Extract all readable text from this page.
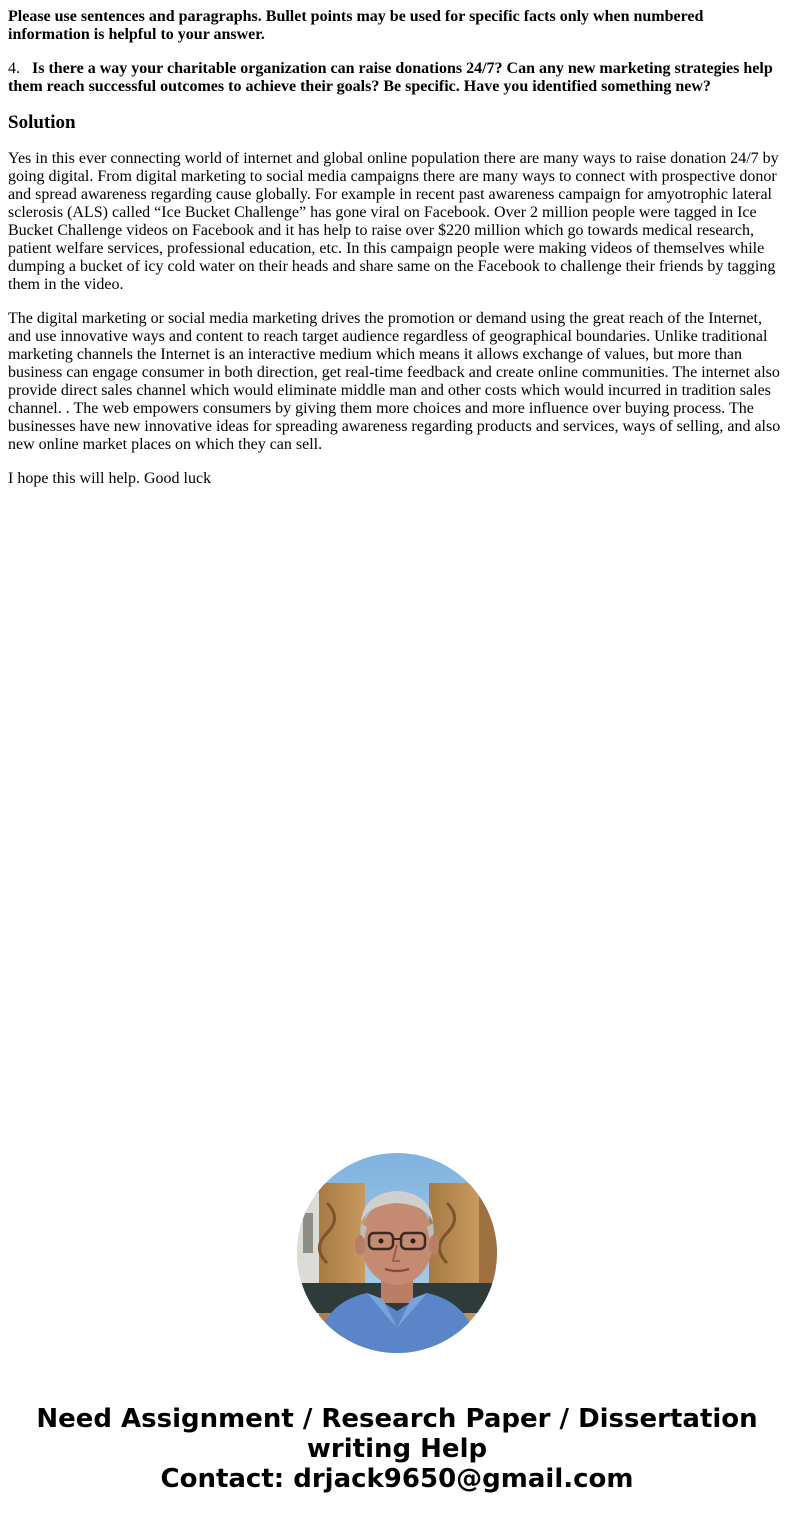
Please use sentences and paragraphs. Bullet points may be used for specific facts only when numbered information is helpful to your answer.

4. Is there a way your charitable organization can raise donations 24/7? Can any new marketing strategies help them reach successful outcomes to achieve their goals? Be specific. Have you identified something new?

Solution

Yes in this ever connecting world of internet and global online population there are many ways to raise donation 24/7 by going digital. From digital marketing to social media campaigns there are many ways to connect with prospective donor and spread awareness regarding cause globally. For example in recent past awareness campaign for amyotrophic lateral sclerosis (ALS) called “Ice Bucket Challenge” has gone viral on Facebook. Over 2 million people were tagged in Ice Bucket Challenge videos on Facebook and it has help to raise over $220 million which go towards medical research, patient welfare services, professional education, etc. In this campaign people were making videos of themselves while dumping a bucket of icy cold water on their heads and share same on the Facebook to challenge their friends by tagging them in the video.

The digital marketing or social media marketing drives the promotion or demand using the great reach of the Internet, and use innovative ways and content to reach target audience regardless of geographical boundaries. Unlike traditional marketing channels the Internet is an interactive medium which means it allows exchange of values, but more than business can engage consumer in both direction, get real-time feedback and create online communities. The internet also provide direct sales channel which would eliminate middle man and other costs which would incurred in tradition sales channel. . The web empowers consumers by giving them more choices and more influence over buying process. The businesses have new innovative ideas for spreading awareness regarding products and services, ways of selling, and also new online market places on which they can sell.

I hope this will help. Good luck

Need Assignment / Research Paper / Dissertation
writing Help
Contact: drjack9650@gmail.com
